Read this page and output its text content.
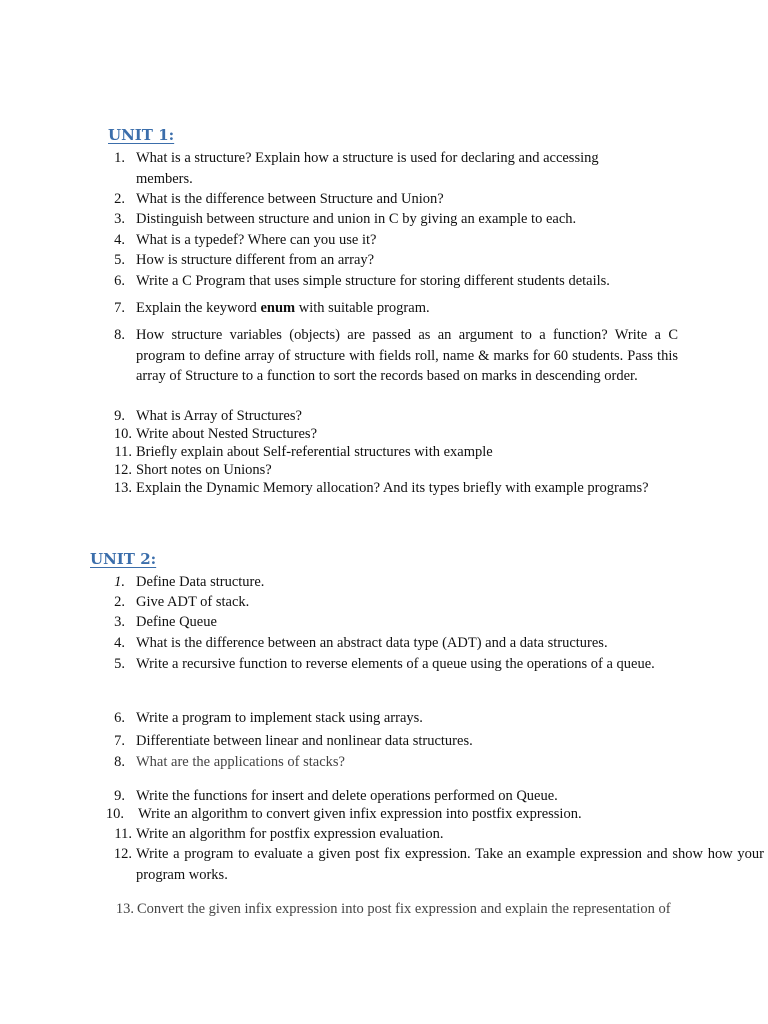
UNIT 1:
1. What is a structure? Explain how a structure is used for declaring and accessing members.
2. What is the difference between Structure and Union?
3. Distinguish between structure and union in C by giving an example to each.
4. What is a typedef? Where can you use it?
5. How is structure different from an array?
6. Write a C Program that uses simple structure for storing different students details.
7. Explain the keyword enum with suitable program.
8. How structure variables (objects) are passed as an argument to a function? Write a C program to define array of structure with fields roll, name & marks for 60 students. Pass this array of Structure to a function to sort the records based on marks in descending order.
9. What is Array of Structures?
10. Write about Nested Structures?
11. Briefly explain about Self-referential structures with example
12. Short notes on Unions?
13. Explain the Dynamic Memory allocation? And its types briefly with example programs?
UNIT 2:
1. Define Data structure.
2. Give ADT of stack.
3. Define Queue
4. What is the difference between an abstract data type (ADT) and a data structures.
5. Write a recursive function to reverse elements of a queue using the operations of a queue.
6. Write a program to implement stack using arrays.
7. Differentiate between linear and nonlinear data structures.
8. What are the applications of stacks?
9. Write the functions for insert and delete operations performed on Queue.
10. Write an algorithm to convert given infix expression into postfix expression.
11. Write an algorithm for postfix expression evaluation.
12. Write a program to evaluate a given post fix expression. Take an example expression and show how your program works.
13. Convert the given infix expression into post fix expression and explain the representation of
